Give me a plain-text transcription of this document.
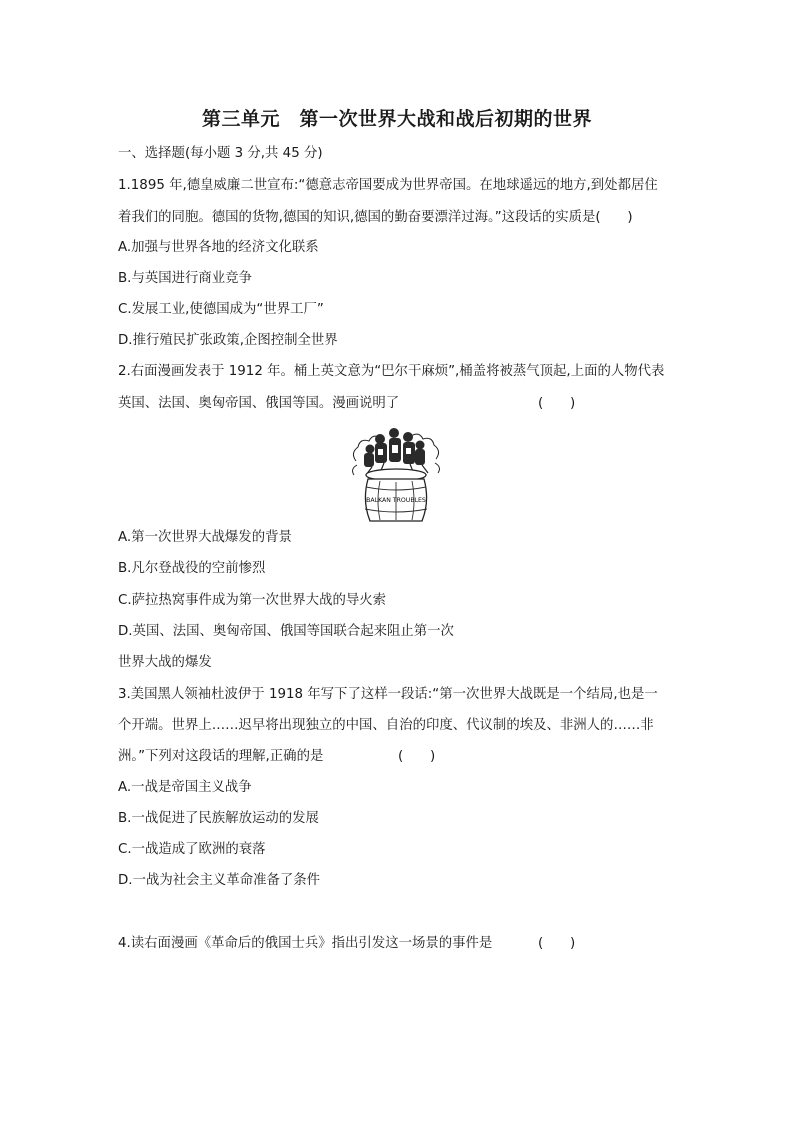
第三单元　第一次世界大战和战后初期的世界
一、选择题(每小题 3 分,共 45 分)
1.1895 年,德皇威廉二世宣布:“德意志帝国要成为世界帝国。在地球遥远的地方,到处都居住
着我们的同胞。德国的货物,德国的知识,德国的勤奋要漂洋过海。”这段话的实质是(　　)
A.加强与世界各地的经济文化联系
B.与英国进行商业竞争
C.发展工业,使德国成为“世界工厂”
D.推行殖民扩张政策,企图控制全世界
2.右面漫画发表于 1912 年。桶上英文意为“巴尔干麻烦”,桶盖将被蒸气顶起,上面的人物代表
英国、法国、奥匈帝国、俄国等国。漫画说明了	(　　)
BALKAN TROUBLES
A.第一次世界大战爆发的背景
B.凡尔登战役的空前惨烈
C.萨拉热窝事件成为第一次世界大战的导火索
D.英国、法国、奥匈帝国、俄国等国联合起来阻止第一次
世界大战的爆发
3.美国黑人领袖杜波伊于 1918 年写下了这样一段话:“第一次世界大战既是一个结局,也是一
个开端。世界上……迟早将出现独立的中国、自治的印度、代议制的埃及、非洲人的……非
洲。”下列对这段话的理解,正确的是	(　　)
A.一战是帝国主义战争
B.一战促进了民族解放运动的发展
C.一战造成了欧洲的衰落
D.一战为社会主义革命准备了条件
4.读右面漫画《革命后的俄国士兵》指出引发这一场景的事件是	(　　)
